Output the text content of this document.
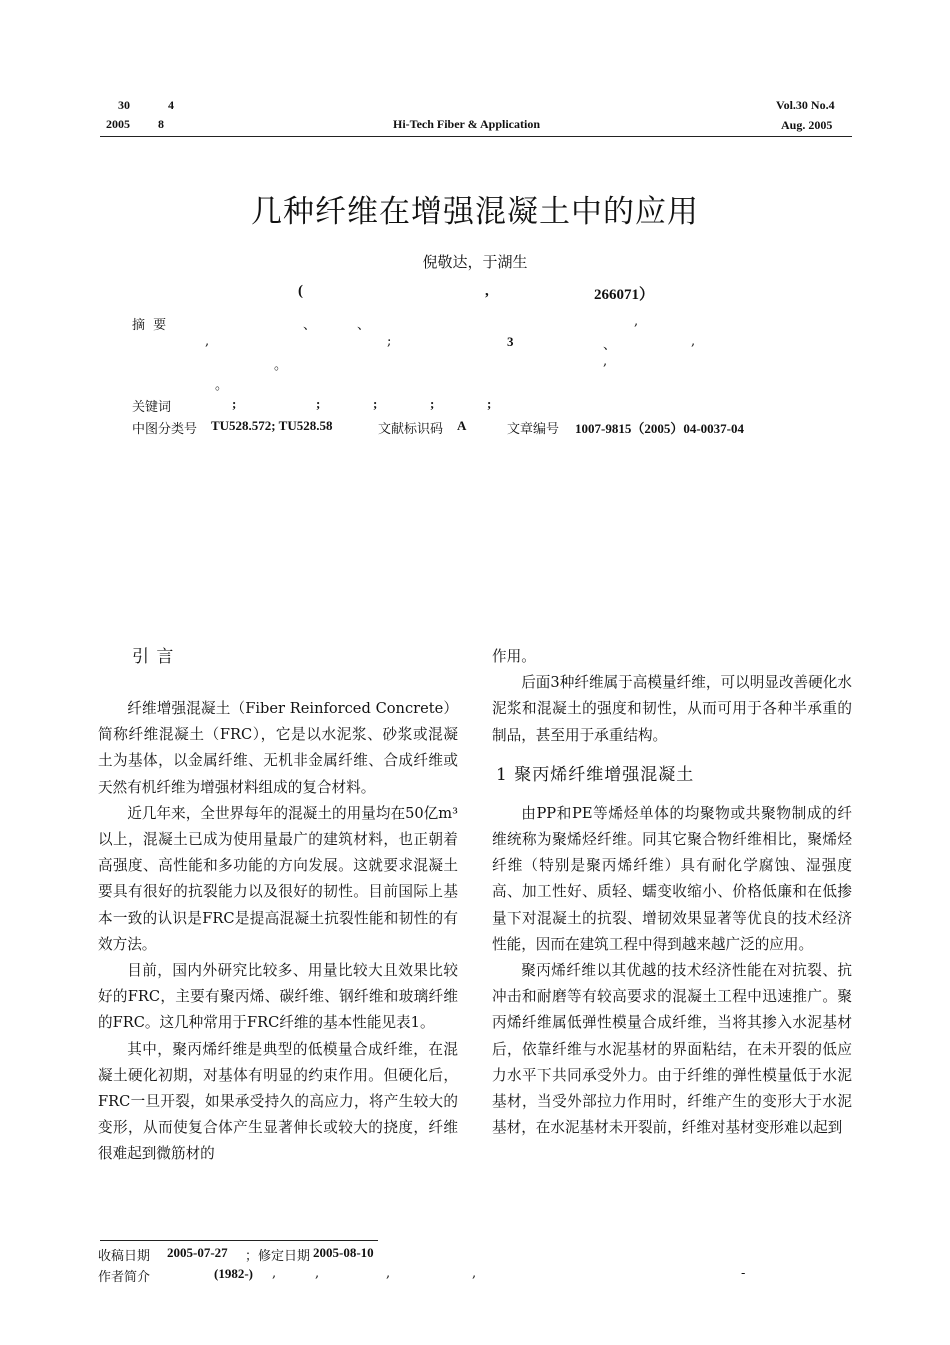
30	4
2005 8	Hi-Tech Fiber & Application
Vol.30 No.4
Aug. 2005
几种纤维在增强混凝土中的应用
倪敬达，于湖生
(	,	266071）
摘 要	、	、	,
,	;	3	、	,
。	,
。
关键词	;	;	;	;	;
中图分类号 TU528.572; TU528.58	文献标识码 A	文章编号 1007-9815（2005）04-0037-04
引 言

纤维增强混凝土（Fiber Reinforced Concrete）简称纤维混凝土（FRC），它是以水泥浆、砂浆或混凝土为基体，以金属纤维、无机非金属纤维、合成纤维或天然有机纤维为增强材料组成的复合材料。

近几年来，全世界每年的混凝土的用量均在50亿m³以上，混凝土已成为使用量最广的建筑材料，也正朝着高强度、高性能和多功能的方向发展。这就要求混凝土要具有很好的抗裂能力以及很好的韧性。目前国际上基本一致的认识是FRC是提高混凝土抗裂性能和韧性的有效方法。

目前，国内外研究比较多、用量比较大且效果比较好的FRC，主要有聚丙烯、碳纤维、钢纤维和玻璃纤维的FRC。这几种常用于FRC纤维的基本性能见表1。

其中，聚丙烯纤维是典型的低模量合成纤维，在混凝土硬化初期，对基体有明显的约束作用。但硬化后，FRC一旦开裂，如果承受持久的高应力，将产生较大的变形，从而使复合体产生显著伸长或较大的挠度，纤维很难起到微筋材的

作用。

后面3种纤维属于高模量纤维，可以明显改善硬化水泥浆和混凝土的强度和韧性，从而可用于各种半承重的制品，甚至用于承重结构。

1 聚丙烯纤维增强混凝土

由PP和PE等烯烃单体的均聚物或共聚物制成的纤维统称为聚烯烃纤维。同其它聚合物纤维相比，聚烯烃纤维（特别是聚丙烯纤维）具有耐化学腐蚀、湿强度高、加工性好、质轻、蠕变收缩小、价格低廉和在低掺量下对混凝土的抗裂、增韧效果显著等优良的技术经济性能，因而在建筑工程中得到越来越广泛的应用。

聚丙烯纤维以其优越的技术经济性能在对抗裂、抗冲击和耐磨等有较高要求的混凝土工程中迅速推广。聚丙烯纤维属低弹性模量合成纤维，当将其掺入水泥基材后，依靠纤维与水泥基材的界面粘结，在未开裂的低应力水平下共同承受外力。由于纤维的弹性模量低于水泥基材，当受外部拉力作用时，纤维产生的变形大于水泥基材，在水泥基材未开裂前，纤维对基材变形难以起到

收稿日期 2005-07-27 ；修定日期 2005-08-10
作者简介	(1982-) ,	,	,	,	-
